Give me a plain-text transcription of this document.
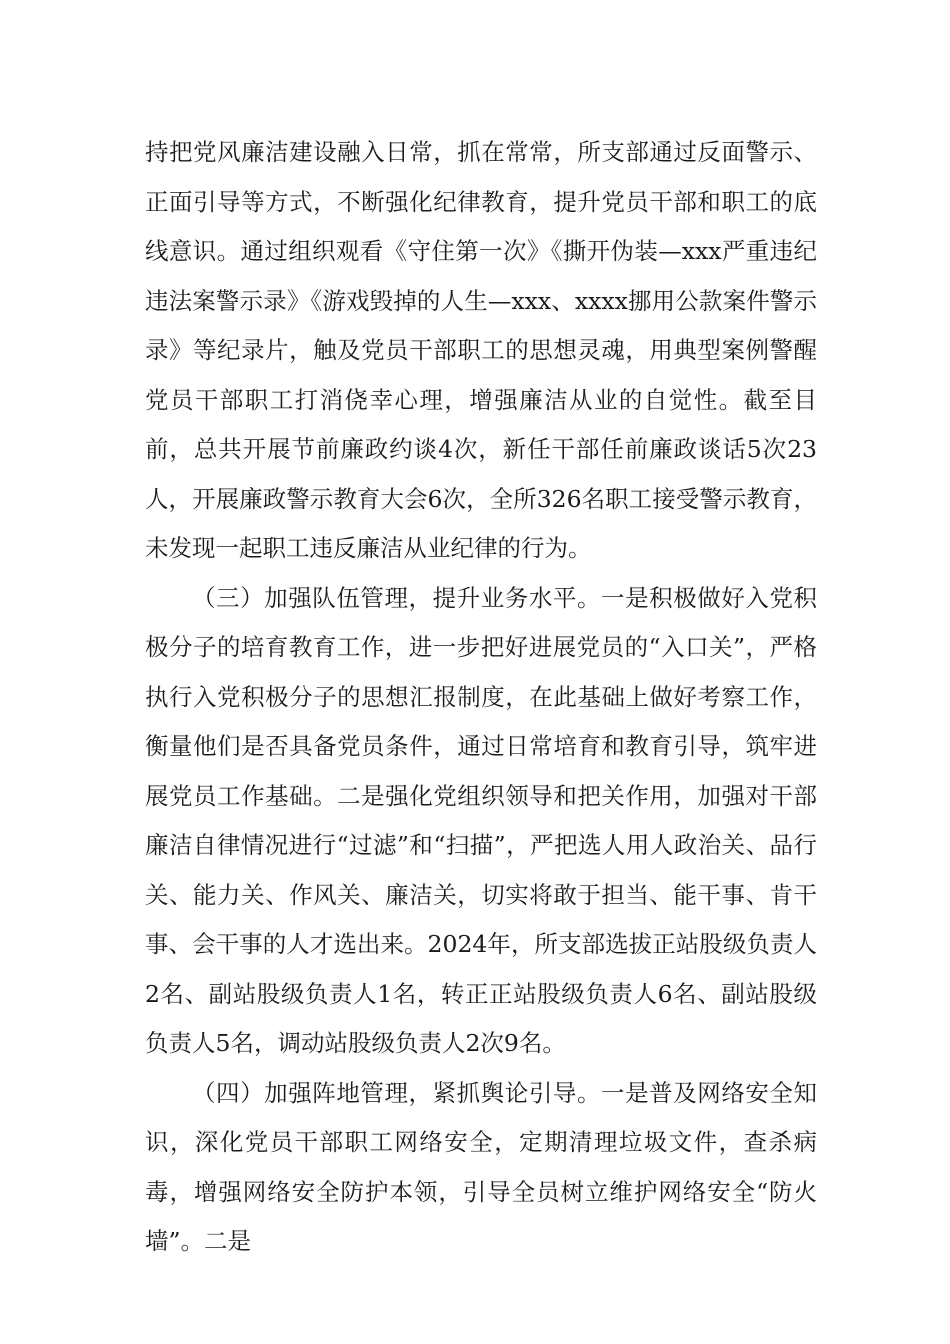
持把党风廉洁建设融入日常，抓在常常，所支部通过反面警示、正面引导等方式，不断强化纪律教育，提升党员干部和职工的底线意识。通过组织观看《守住第一次》《撕开伪装—xxx严重违纪违法案警示录》《游戏毁掉的人生—xxx、xxxx挪用公款案件警示录》等纪录片，触及党员干部职工的思想灵魂，用典型案例警醒党员干部职工打消侥幸心理，增强廉洁从业的自觉性。截至目前，总共开展节前廉政约谈4次，新任干部任前廉政谈话5次23人，开展廉政警示教育大会6次，全所326名职工接受警示教育，未发现一起职工违反廉洁从业纪律的行为。

（三）加强队伍管理，提升业务水平。一是积极做好入党积极分子的培育教育工作，进一步把好进展党员的“入口关”，严格执行入党积极分子的思想汇报制度，在此基础上做好考察工作，衡量他们是否具备党员条件，通过日常培育和教育引导，筑牢进展党员工作基础。二是强化党组织领导和把关作用，加强对干部廉洁自律情况进行“过滤”和“扫描”，严把选人用人政治关、品行关、能力关、作风关、廉洁关，切实将敢于担当、能干事、肯干事、会干事的人才选出来。2024年，所支部选拔正站股级负责人2名、副站股级负责人1名，转正正站股级负责人6名、副站股级负责人5名，调动站股级负责人2次9名。

（四）加强阵地管理，紧抓舆论引导。一是普及网络安全知识，深化党员干部职工网络安全，定期清理垃圾文件，查杀病毒，增强网络安全防护本领，引导全员树立维护网络安全“防火墙”。二是
